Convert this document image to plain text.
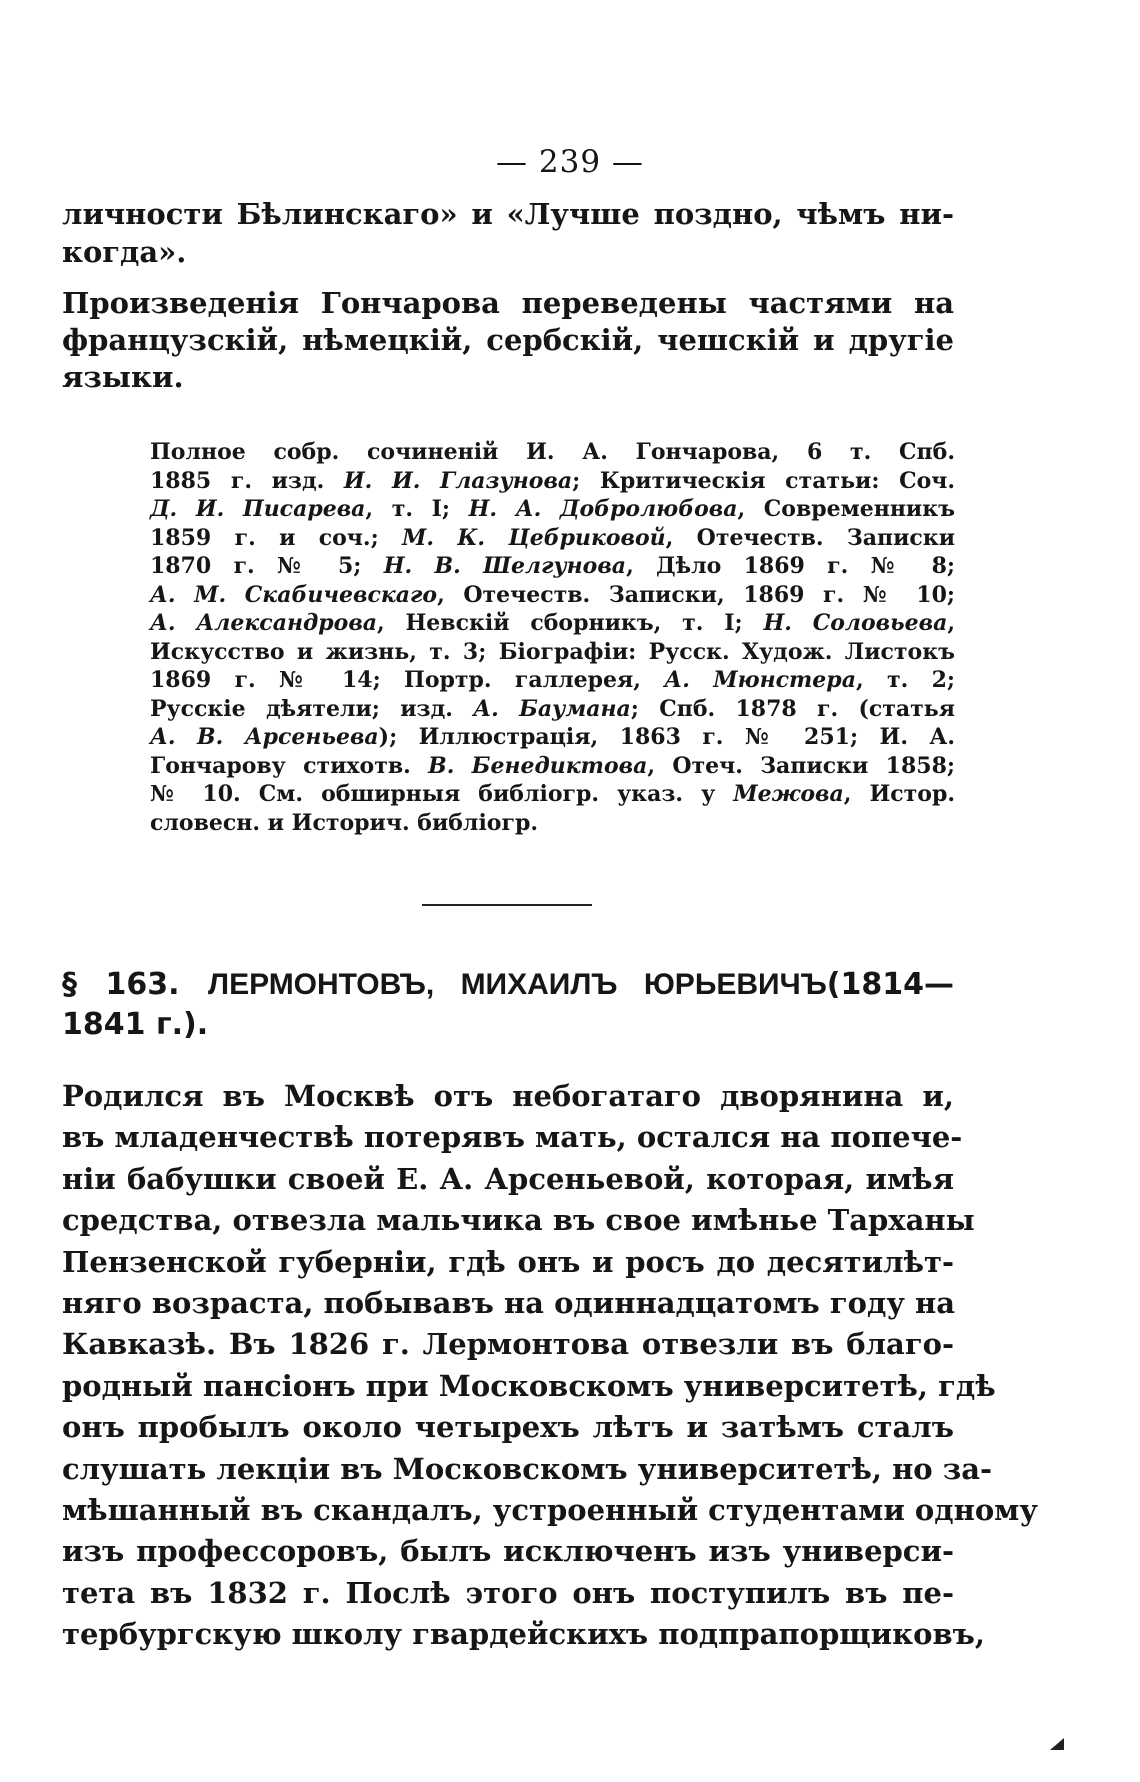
— 239 —
личности Бѣлинскаго» и «Лучше поздно, чѣмъ ни-
когда».
Произведенія Гончарова переведены частями на
французскій, нѣмецкій, сербскій, чешскій и другіе
языки.
Полное собр. сочиненій И. А. Гончарова, 6 т. Спб.
1885 г. изд. И. И. Глазунова; Критическія статьи: Соч.
Д. И. Писарева, т. I; Н. А. Добролюбова, Современникъ
1859 г. и соч.; М. К. Цебриковой, Отечеств. Записки
1870 г. № 5; Н. В. Шелгунова, Дѣло 1869 г. № 8;
А. М. Скабичевскаго, Отечеств. Записки, 1869 г. № 10;
А. Александрова, Невскій сборникъ, т. I; Н. Соловьева,
Искусство и жизнь, т. 3; Біографіи: Русск. Худож. Листокъ
1869 г. № 14; Портр. галлерея, А. Мюнстера, т. 2;
Русскіе дѣятели; изд. А. Баумана; Спб. 1878 г. (статья
А. В. Арсеньева); Иллюстрація, 1863 г. № 251; И. А.
Гончарову стихотв. В. Бенедиктова, Отеч. Записки 1858;
№ 10. См. обширныя библіогр. указ. у Межова, Истор.
словесн. и Историч. библіогр.
§ 163. ЛЕРМОНТОВЪ, МИХАИЛЪ ЮРЬЕВИЧЪ(1814—
1841 г.).
Родился въ Москвѣ отъ небогатаго дворянина и,
въ младенчествѣ потерявъ мать, остался на попече-
ніи бабушки своей Е. А. Арсеньевой, которая, имѣя
средства, отвезла мальчика въ свое имѣнье Тарханы
Пензенской губерніи, гдѣ онъ и росъ до десятилѣт-
няго возраста, побывавъ на одиннадцатомъ году на
Кавказѣ. Въ 1826 г. Лермонтова отвезли въ благо-
родный пансіонъ при Московскомъ университетѣ, гдѣ
онъ пробылъ около четырехъ лѣтъ и затѣмъ сталъ
слушать лекціи въ Московскомъ университетѣ, но за-
мѣшанный въ скандалъ, устроенный студентами одному
изъ профессоровъ, былъ исключенъ изъ универси-
тета въ 1832 г. Послѣ этого онъ поступилъ въ пе-
тербургскую школу гвардейскихъ подпрапорщиковъ,
